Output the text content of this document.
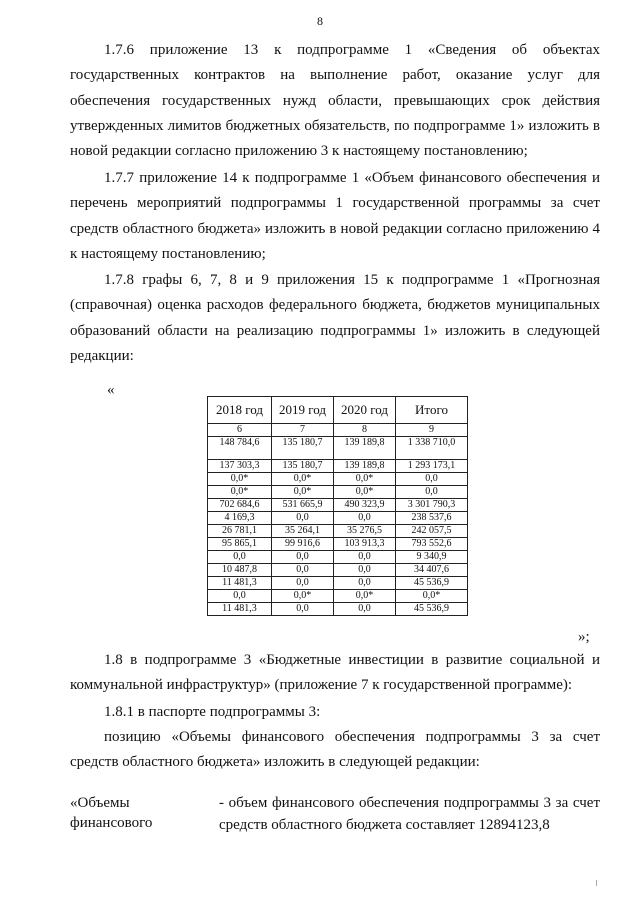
8

1.7.6 приложение 13 к подпрограмме 1 «Сведения об объектах государственных контрактов на выполнение работ, оказание услуг для обеспечения государственных нужд области, превышающих срок действия утвержденных лимитов бюджетных обязательств, по подпрограмме 1» изложить в новой редакции согласно приложению 3 к настоящему постановлению;

1.7.7 приложение 14 к подпрограмме 1 «Объем финансового обеспечения и перечень мероприятий подпрограммы 1 государственной программы за счет средств областного бюджета» изложить в новой редакции согласно приложению 4 к настоящему постановлению;

1.7.8 графы 6, 7, 8 и 9 приложения 15 к подпрограмме 1 «Прогнозная (справочная) оценка расходов федерального бюджета, бюджетов муниципальных образований области на реализацию подпрограммы 1» изложить в следующей редакции:

«
2018 год	2019 год	2020 год	Итого
6	7	8	9
148 784,6	135 180,7	139 189,8	1 338 710,0
137 303,3	135 180,7	139 189,8	1 293 173,1
0,0*	0,0*	0,0*	0,0
0,0*	0,0*	0,0*	0,0
702 684,6	531 665,9	490 323,9	3 301 790,3
4 169,3	0,0	0,0	238 537,6
26 781,1	35 264,1	35 276,5	242 057,5
95 865,1	99 916,6	103 913,3	793 552,6
0,0	0,0	0,0	9 340,9
10 487,8	0,0	0,0	34 407,6
11 481,3	0,0	0,0	45 536,9
0,0	0,0*	0,0*	0,0*
11 481,3	0,0	0,0	45 536,9
»;

1.8 в подпрограмме 3 «Бюджетные инвестиции в развитие социальной и коммунальной инфраструктур» (приложение 7 к государственной программе):

1.8.1 в паспорте подпрограммы 3:

позицию «Объемы финансового обеспечения подпрограммы 3 за счет средств областного бюджета» изложить в следующей редакции:

«Объемы
финансового
- объем финансового обеспечения подпрограммы 3 за счет средств областного бюджета составляет 12894123,8
